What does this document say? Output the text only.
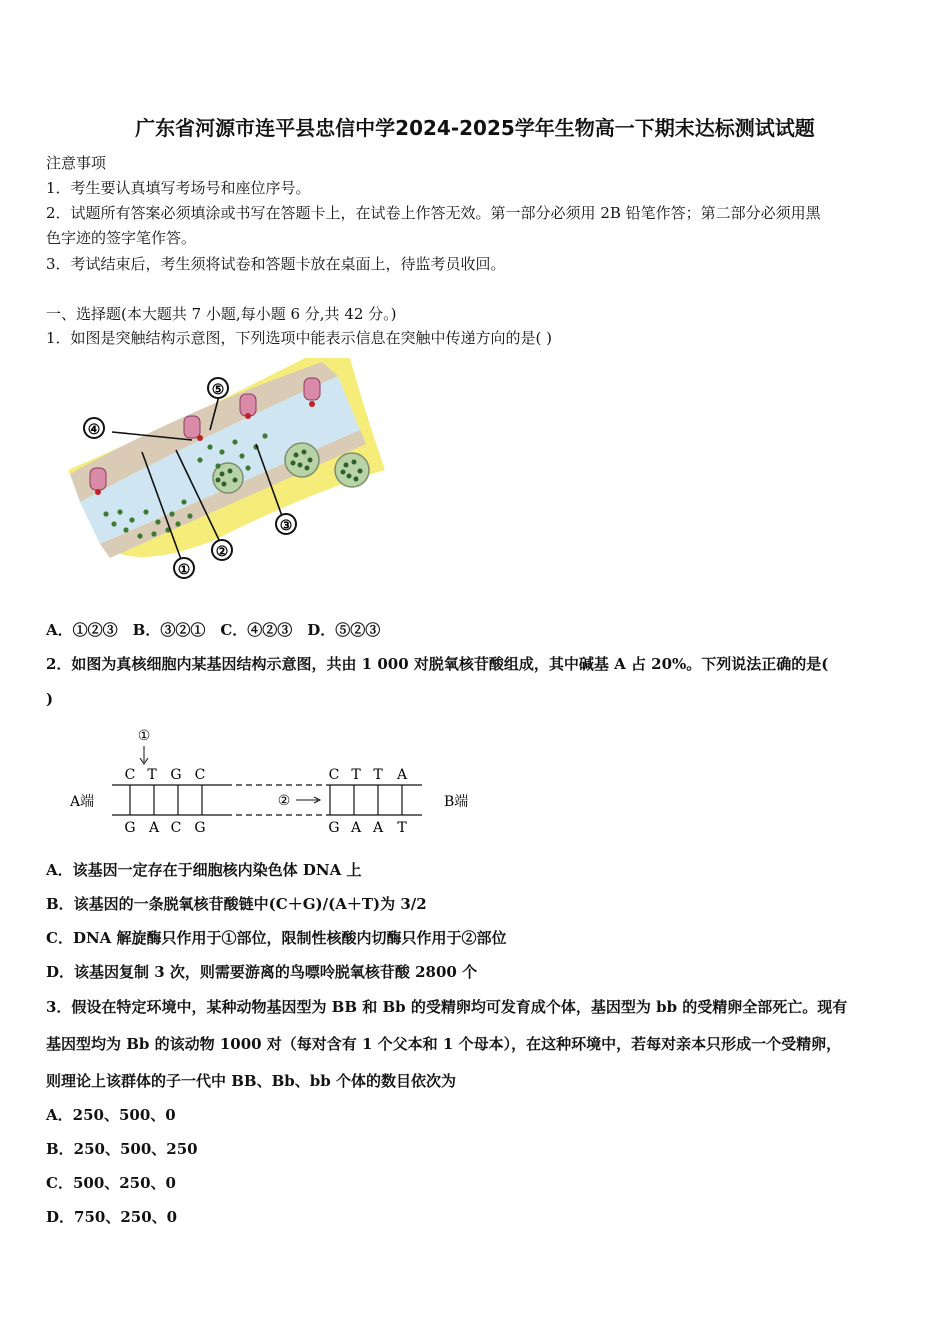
广东省河源市连平县忠信中学2024-2025学年生物高一下期末达标测试试题
注意事项
1．考生要认真填写考场号和座位序号。
2．试题所有答案必须填涂或书写在答题卡上，在试卷上作答无效。第一部分必须用 2B 铅笔作答；第二部分必须用黑
色字迹的签字笔作答。
3．考试结束后，考生须将试卷和答题卡放在桌面上，待监考员收回。
一、选择题(本大题共 7 小题,每小题 6 分,共 42 分。)
1．如图是突触结构示意图，下列选项中能表示信息在突触中传递方向的是( )
④
⑤
③
②
①
A．①②③　B．③②①　C．④②③　D．⑤②③
2．如图为真核细胞内某基因结构示意图，共由 1 000 对脱氧核苷酸组成，其中碱基 A 占 20%。下列说法正确的是(
)
①
A端	B端
②
C T G C	C T T A
G A C G	G A A T
A．该基因一定存在于细胞核内染色体 DNA 上
B．该基因的一条脱氧核苷酸链中(C＋G)/(A＋T)为 3/2
C．DNA 解旋酶只作用于①部位，限制性核酸内切酶只作用于②部位
D．该基因复制 3 次，则需要游离的鸟嘌呤脱氧核苷酸 2800 个
3．假设在特定环境中，某种动物基因型为 BB 和 Bb 的受精卵均可发育成个体，基因型为 bb 的受精卵全部死亡。现有
基因型均为 Bb 的该动物 1000 对（每对含有 1 个父本和 1 个母本），在这种环境中，若每对亲本只形成一个受精卵，
则理论上该群体的子一代中 BB、Bb、bb 个体的数目依次为
A．250、500、0
B．250、500、250
C．500、250、0
D．750、250、0
